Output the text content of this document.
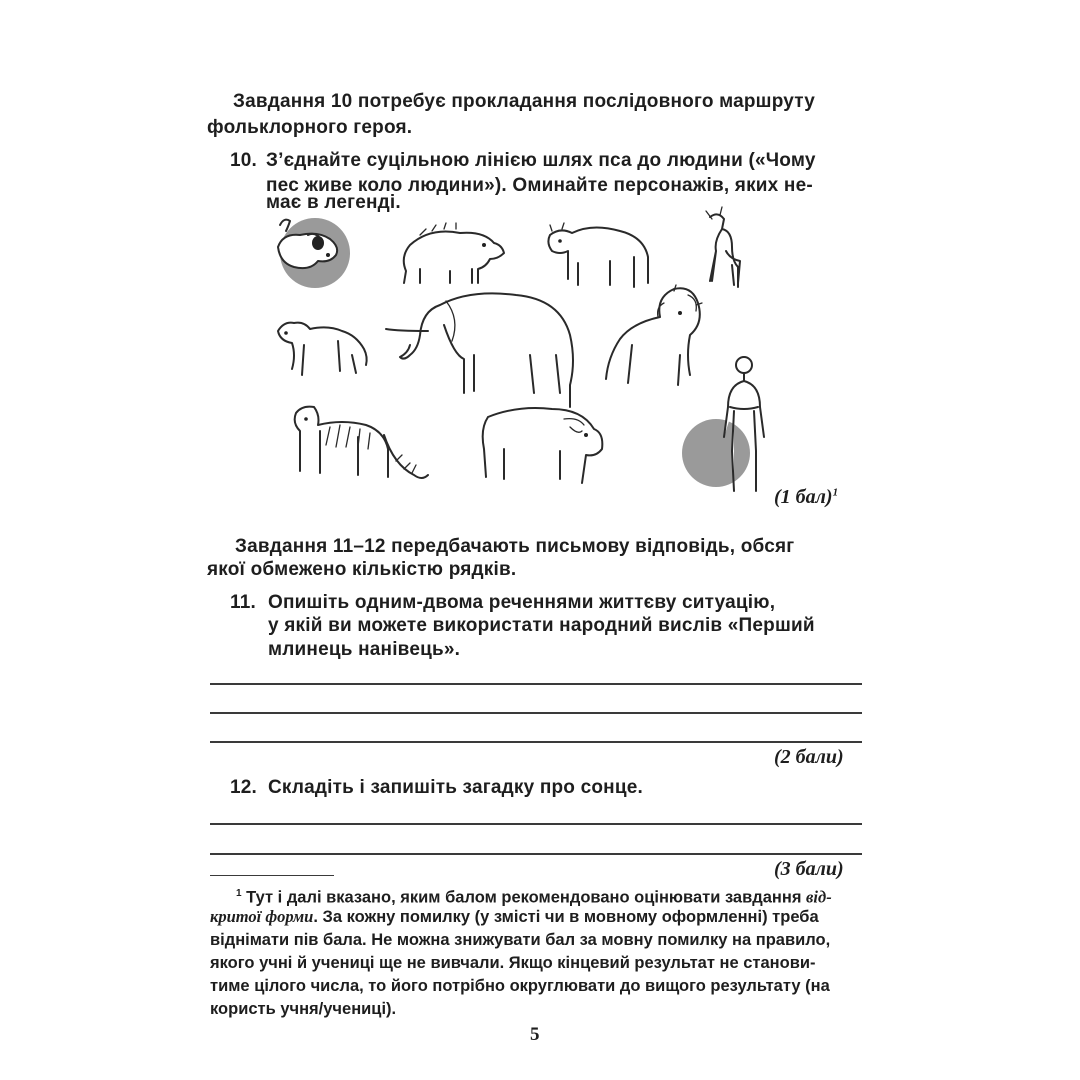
Завдання 10 потребує прокладання послідовного маршруту
фольклорного героя.
10. З’єднайте суцільною лінією шлях пса до людини («Чому
пес живе коло людини»). Оминайте персонажів, яких не-
має в легенді.
(1 бал)$^1$
Завдання 11–12 передбачають письмову відповідь, обсяг
якої обмежено кількістю рядків.
11. Опишіть одним-двома реченнями життєву ситуацію,
у якій ви можете використати народний вислів «Перший
млинець нанівець».
(2 бали)
12. Складіть і запишіть загадку про сонце.
(3 бали)
$^1$ Тут і далі вказано, яким балом рекомендовано оцінювати завдання від-
критої форми. За кожну помилку (у змісті чи в мовному оформленні) треба
віднімати пів бала. Не можна знижувати бал за мовну помилку на правило,
якого учні й учениці ще не вивчали. Якщо кінцевий результат не станови-
тиме цілого числа, то його потрібно округлювати до вищого результату (на
користь учня/учениці).
5
